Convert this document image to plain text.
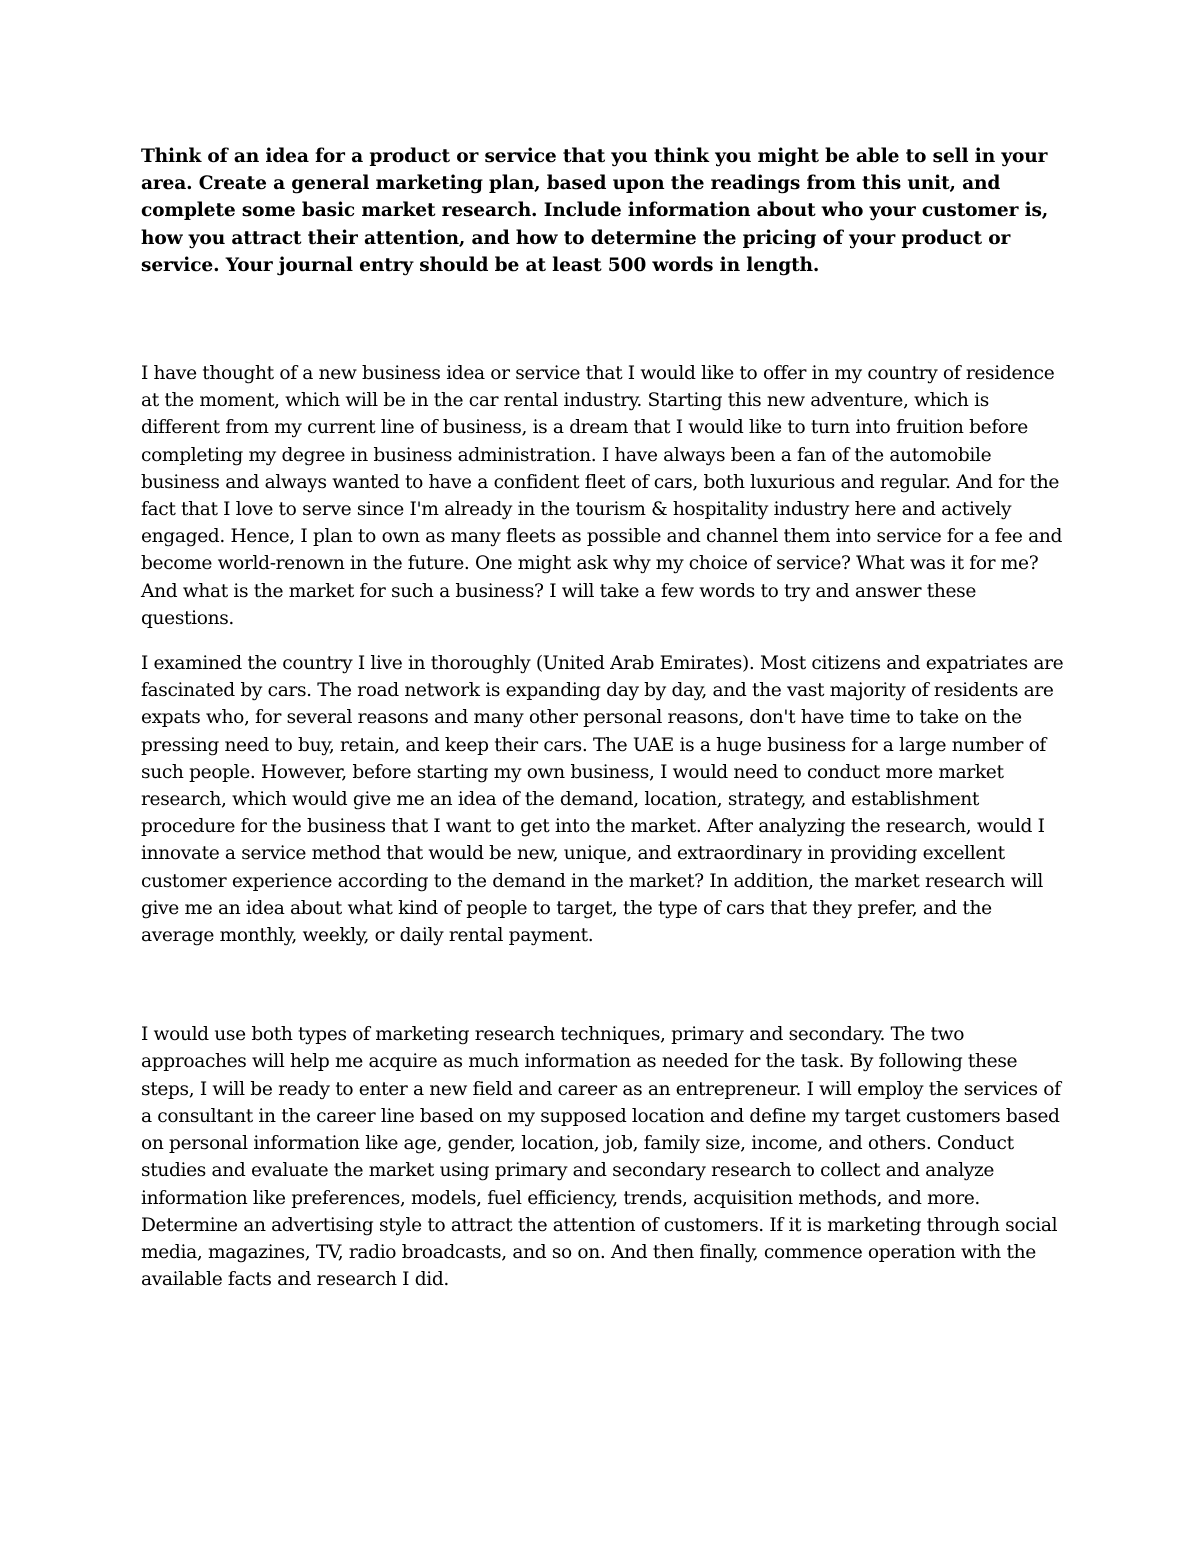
Think of an idea for a product or service that you think you might be able to sell in your area. Create a general marketing plan, based upon the readings from this unit, and complete some basic market research. Include information about who your customer is, how you attract their attention, and how to determine the pricing of your product or service. Your journal entry should be at least 500 words in length.

I have thought of a new business idea or service that I would like to offer in my country of residence at the moment, which will be in the car rental industry. Starting this new adventure, which is different from my current line of business, is a dream that I would like to turn into fruition before completing my degree in business administration. I have always been a fan of the automobile business and always wanted to have a confident fleet of cars, both luxurious and regular. And for the fact that I love to serve since I'm already in the tourism & hospitality industry here and actively engaged. Hence, I plan to own as many fleets as possible and channel them into service for a fee and become world-renown in the future. One might ask why my choice of service? What was it for me? And what is the market for such a business? I will take a few words to try and answer these questions.

I examined the country I live in thoroughly (United Arab Emirates). Most citizens and expatriates are fascinated by cars. The road network is expanding day by day, and the vast majority of residents are expats who, for several reasons and many other personal reasons, don't have time to take on the pressing need to buy, retain, and keep their cars. The UAE is a huge business for a large number of such people. However, before starting my own business, I would need to conduct more market research, which would give me an idea of the demand, location, strategy, and establishment procedure for the business that I want to get into the market. After analyzing the research, would I innovate a service method that would be new, unique, and extraordinary in providing excellent customer experience according to the demand in the market? In addition, the market research will give me an idea about what kind of people to target, the type of cars that they prefer, and the average monthly, weekly, or daily rental payment.

I would use both types of marketing research techniques, primary and secondary. The two approaches will help me acquire as much information as needed for the task. By following these steps, I will be ready to enter a new field and career as an entrepreneur. I will employ the services of a consultant in the career line based on my supposed location and define my target customers based on personal information like age, gender, location, job, family size, income, and others. Conduct studies and evaluate the market using primary and secondary research to collect and analyze information like preferences, models, fuel efficiency, trends, acquisition methods, and more. Determine an advertising style to attract the attention of customers. If it is marketing through social media, magazines, TV, radio broadcasts, and so on. And then finally, commence operation with the available facts and research I did.
